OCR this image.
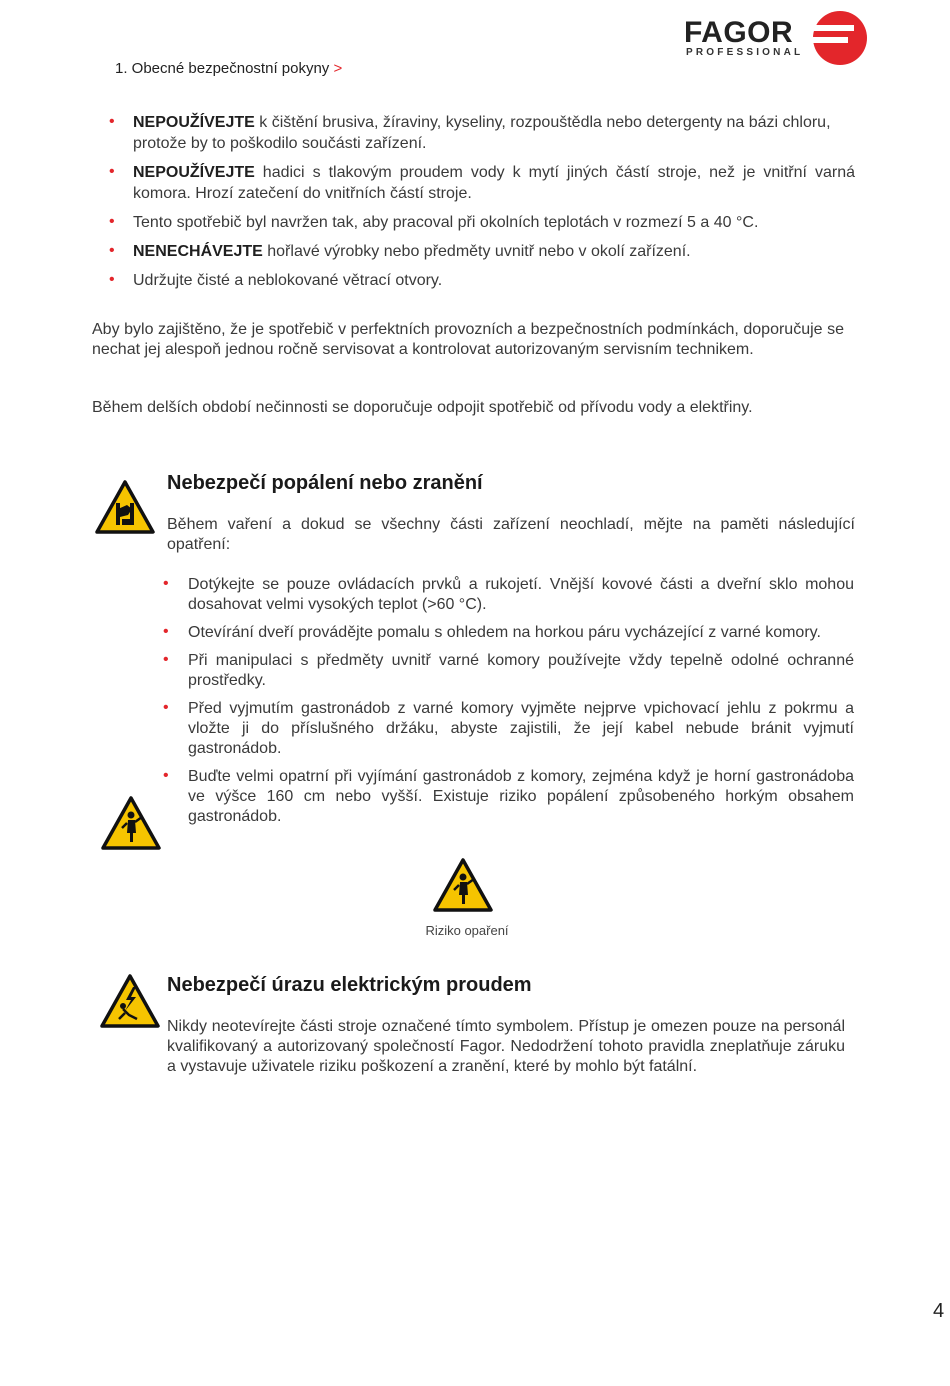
1. Obecné bezpečnostní pokyny >
FAGOR
PROFESSIONAL
• NEPOUŽÍVEJTE k čištění brusiva, žíraviny, kyseliny, rozpouštědla nebo detergenty na bázi chloru,
protože by to poškodilo součásti zařízení.
• NEPOUŽÍVEJTE hadici s tlakovým proudem vody k mytí jiných částí stroje, než je vnitřní varná komora. Hrozí zatečení do vnitřních částí stroje.
• Tento spotřebič byl navržen tak, aby pracoval při okolních teplotách v rozmezí 5 a 40 °C.
• NENECHÁVEJTE hořlavé výrobky nebo předměty uvnitř nebo v okolí zařízení.
• Udržujte čisté a neblokované větrací otvory.
Aby bylo zajištěno, že je spotřebič v perfektních provozních a bezpečnostních podmínkách, doporučuje se nechat jej alespoň jednou ročně servisovat a kontrolovat autorizovaným servisním technikem.
Během delších období nečinnosti se doporučuje odpojit spotřebič od přívodu vody a elektřiny.
Nebezpečí popálení nebo zranění
Během vaření a dokud se všechny části zařízení neochladí, mějte na paměti následující opatření:
• Dotýkejte se pouze ovládacích prvků a rukojetí. Vnější kovové části a dveřní sklo mohou dosahovat velmi vysokých teplot (>60 °C).
• Otevírání dveří provádějte pomalu s ohledem na horkou páru vycházející z varné komory.
• Při manipulaci s předměty uvnitř varné komory používejte vždy tepelně odolné ochranné prostředky.
• Před vyjmutím gastronádob z varné komory vyjměte nejprve vpichovací jehlu z pokrmu a vložte ji do příslušného držáku, abyste zajistili, že její kabel nebude bránit vyjmutí gastronádob.
• Buďte velmi opatrní při vyjímání gastronádob z komory, zejména když je horní gastronádoba ve výšce 160 cm nebo vyšší. Existuje riziko popálení způsobeného horkým obsahem gastronádob.
Riziko opaření
Nebezpečí úrazu elektrickým proudem
Nikdy neotevírejte části stroje označené tímto symbolem. Přístup je omezen pouze na personál kvalifikovaný a autorizovaný společností Fagor. Nedodržení tohoto pravidla zneplatňuje záruku a vystavuje uživatele riziku poškození a zranění, které by mohlo být fatální.
4
